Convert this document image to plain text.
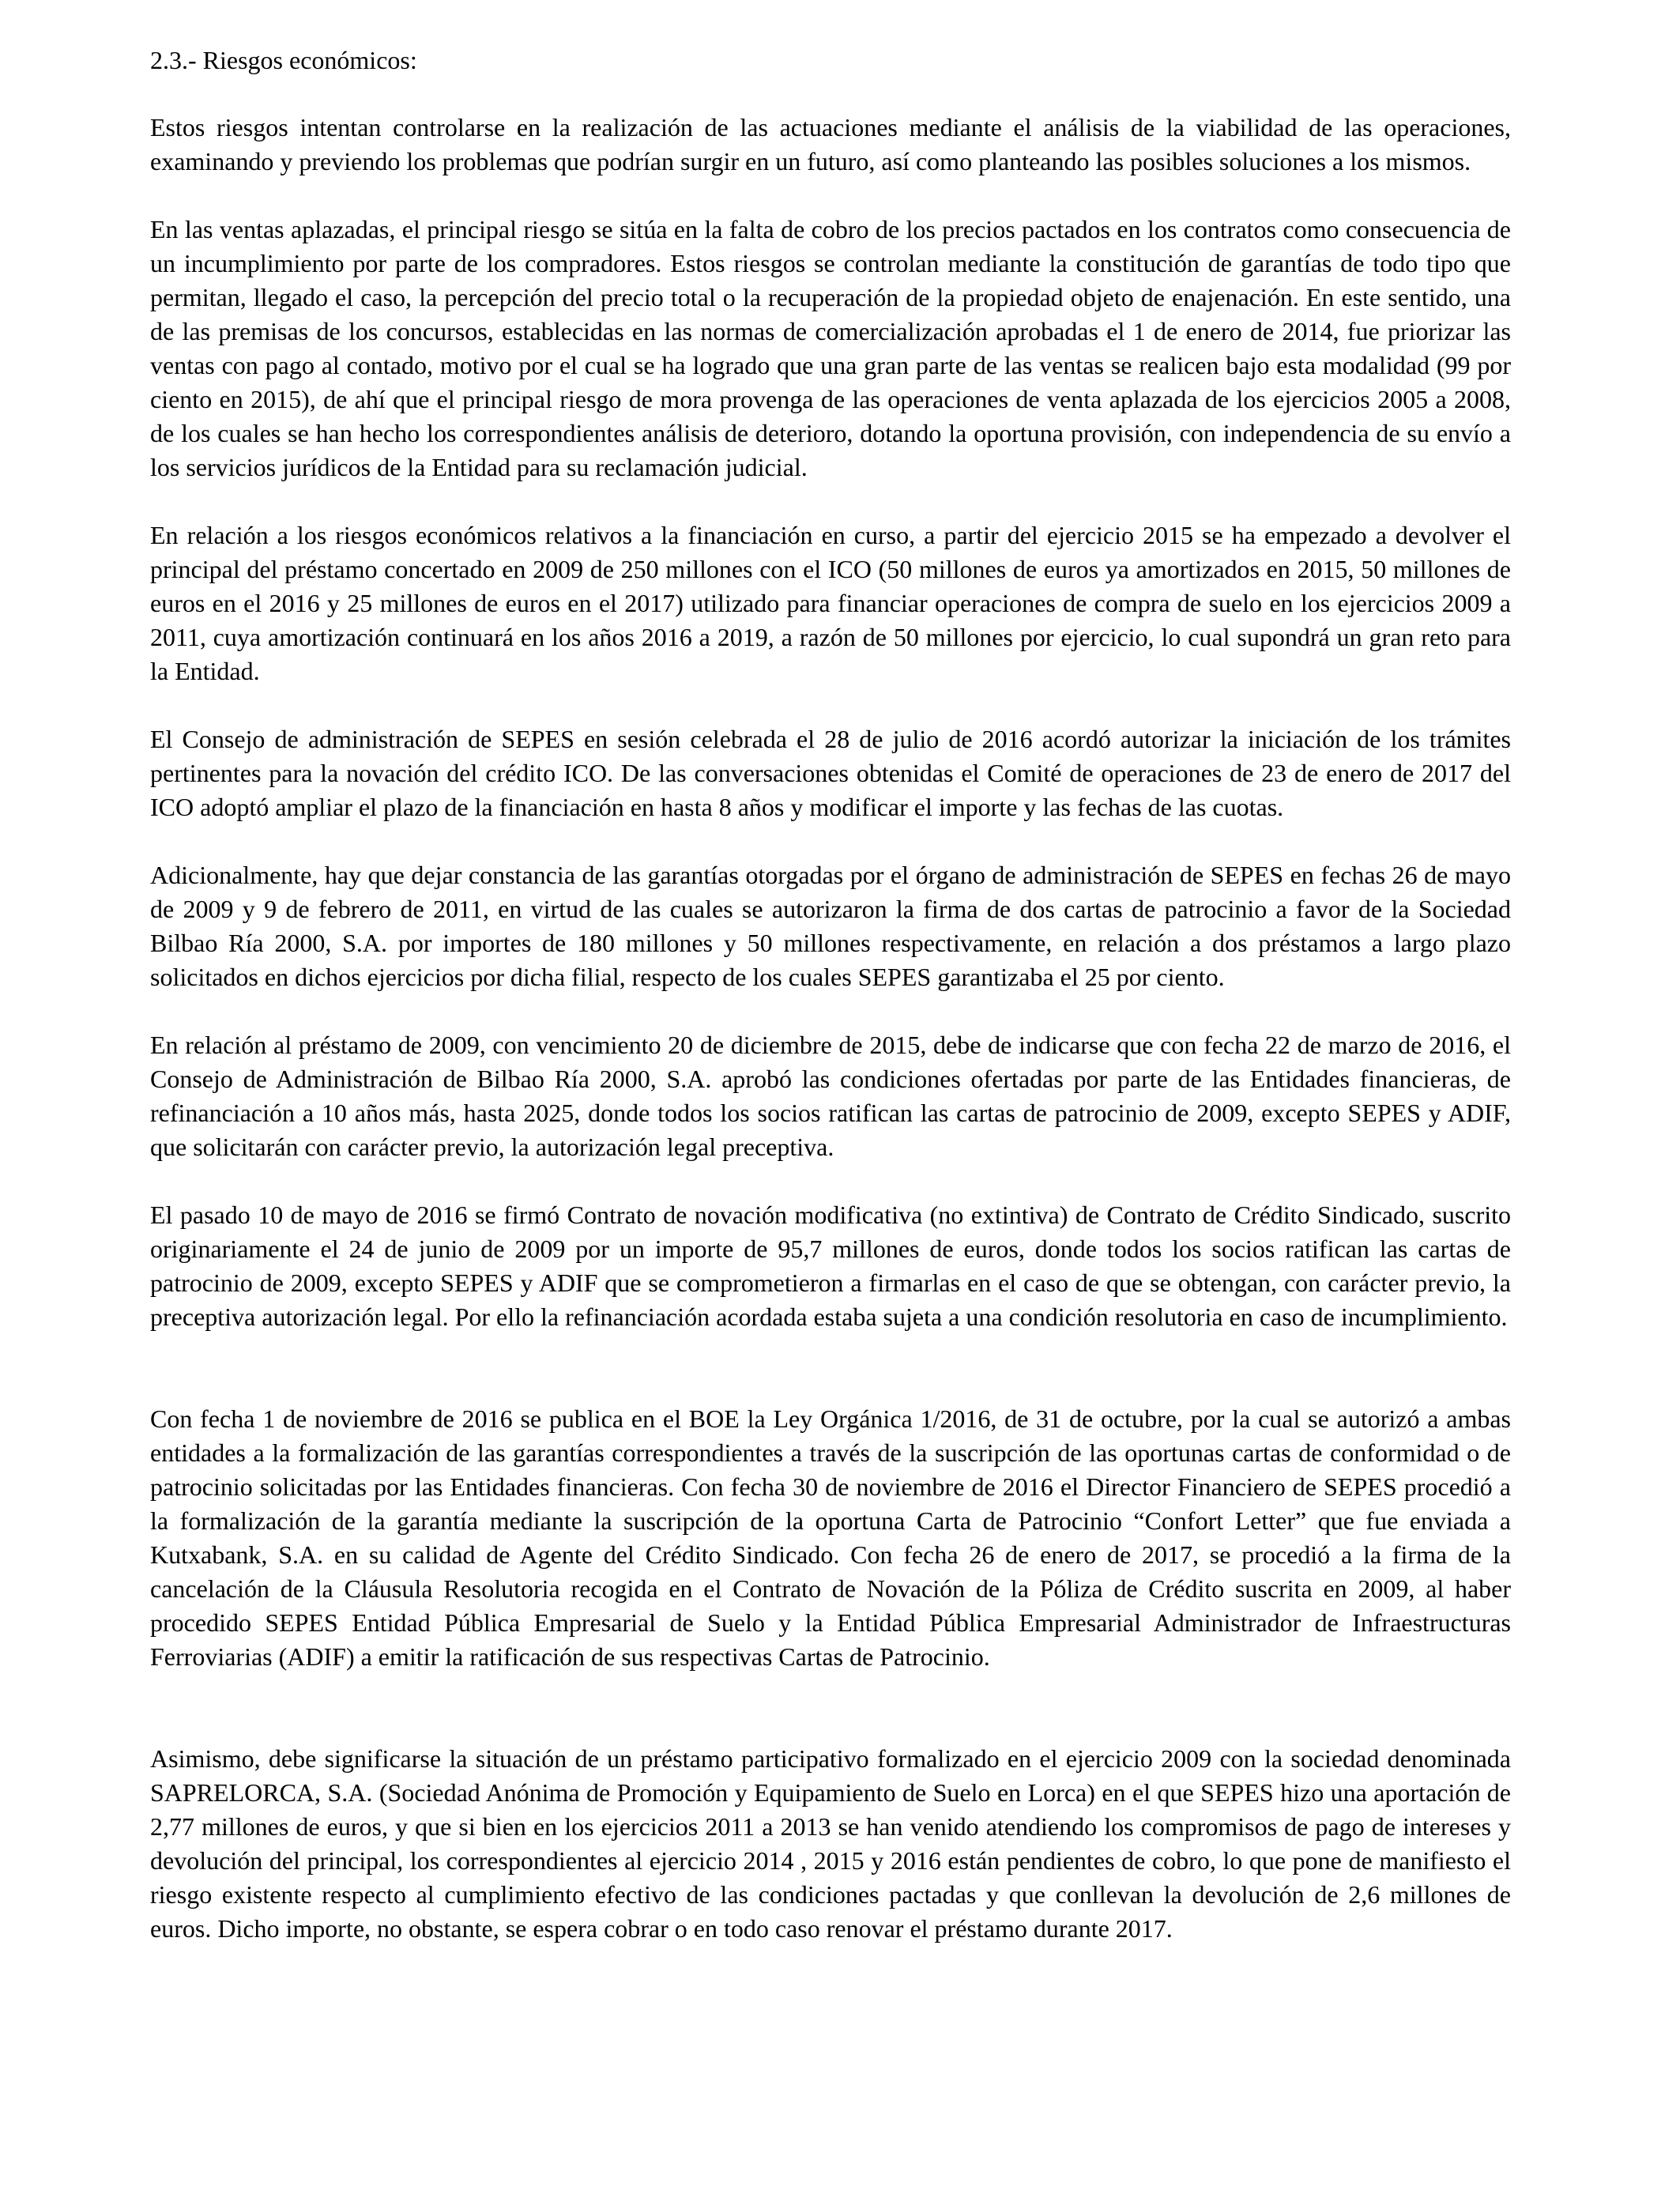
2.3.- Riesgos económicos:

Estos riesgos intentan controlarse en la realización de las actuaciones mediante el análisis de la viabilidad de las operaciones, examinando y previendo los problemas que podrían surgir en un futuro, así como planteando las posibles soluciones a los mismos.

En las ventas aplazadas, el principal riesgo se sitúa en la falta de cobro de los precios pactados en los contratos como consecuencia de un incumplimiento por parte de los compradores. Estos riesgos se controlan mediante la constitución de garantías de todo tipo que permitan, llegado el caso, la percepción del precio total o la recuperación de la propiedad objeto de enajenación. En este sentido, una de las premisas de los concursos, establecidas en las normas de comercialización aprobadas el 1 de enero de 2014, fue priorizar las ventas con pago al contado, motivo por el cual se ha logrado que una gran parte de las ventas se realicen bajo esta modalidad (99 por ciento en 2015), de ahí que el principal riesgo de mora provenga de las operaciones de venta aplazada de los ejercicios 2005 a 2008, de los cuales se han hecho los correspondientes análisis de deterioro, dotando la oportuna provisión, con independencia de su envío a los servicios jurídicos de la Entidad para su reclamación judicial.

En relación a los riesgos económicos relativos a la financiación en curso, a partir del ejercicio 2015 se ha empezado a devolver el principal del préstamo concertado en 2009 de 250 millones con el ICO (50 millones de euros ya amortizados en 2015, 50 millones de euros en el 2016 y 25 millones de euros en el 2017) utilizado para financiar operaciones de compra de suelo en los ejercicios 2009 a 2011, cuya amortización continuará en los años 2016 a 2019, a razón de 50 millones por ejercicio, lo cual supondrá un gran reto para la Entidad.

El Consejo de administración de SEPES en sesión celebrada el 28 de julio de 2016 acordó autorizar la iniciación de los trámites pertinentes para la novación del crédito ICO. De las conversaciones obtenidas el Comité de operaciones de 23 de enero de 2017 del ICO adoptó ampliar el plazo de la financiación en hasta 8 años y modificar el importe y las fechas de las cuotas.

Adicionalmente, hay que dejar constancia de las garantías otorgadas por el órgano de administración de SEPES en fechas 26 de mayo de 2009 y 9 de febrero de 2011, en virtud de las cuales se autorizaron la firma de dos cartas de patrocinio a favor de la Sociedad Bilbao Ría 2000, S.A. por importes de 180 millones y 50 millones respectivamente, en relación a dos préstamos a largo plazo solicitados en dichos ejercicios por dicha filial, respecto de los cuales SEPES garantizaba el 25 por ciento.

En relación al préstamo de 2009, con vencimiento 20 de diciembre de 2015, debe de indicarse que con fecha 22 de marzo de 2016, el Consejo de Administración de Bilbao Ría 2000, S.A. aprobó las condiciones ofertadas por parte de las Entidades financieras, de refinanciación a 10 años más, hasta 2025, donde todos los socios ratifican las cartas de patrocinio de 2009, excepto SEPES y ADIF, que solicitarán con carácter previo, la autorización legal preceptiva.

El pasado 10 de mayo de 2016 se firmó Contrato de novación modificativa (no extintiva) de Contrato de Crédito Sindicado, suscrito originariamente el 24 de junio de 2009 por un importe de 95,7 millones de euros, donde todos los socios ratifican las cartas de patrocinio de 2009, excepto SEPES y ADIF que se comprometieron a firmarlas en el caso de que se obtengan, con carácter previo, la preceptiva autorización legal. Por ello la refinanciación acordada estaba sujeta a una condición resolutoria en caso de incumplimiento.

Con fecha 1 de noviembre de 2016 se publica en el BOE la Ley Orgánica 1/2016, de 31 de octubre, por la cual se autorizó a ambas entidades a la formalización de las garantías correspondientes a través de la suscripción de las oportunas cartas de conformidad o de patrocinio solicitadas por las Entidades financieras. Con fecha 30 de noviembre de 2016 el Director Financiero de SEPES procedió a la formalización de la garantía mediante la suscripción de la oportuna Carta de Patrocinio “Confort Letter” que fue enviada a Kutxabank, S.A. en su calidad de Agente del Crédito Sindicado. Con fecha 26 de enero de 2017, se procedió a la firma de la cancelación de la Cláusula Resolutoria recogida en el Contrato de Novación de la Póliza de Crédito suscrita en 2009, al haber procedido SEPES Entidad Pública Empresarial de Suelo y la Entidad Pública Empresarial Administrador de Infraestructuras Ferroviarias (ADIF) a emitir la ratificación de sus respectivas Cartas de Patrocinio.

Asimismo, debe significarse la situación de un préstamo participativo formalizado en el ejercicio 2009 con la sociedad denominada SAPRELORCA, S.A. (Sociedad Anónima de Promoción y Equipamiento de Suelo en Lorca) en el que SEPES hizo una aportación de 2,77 millones de euros, y que si bien en los ejercicios 2011 a 2013 se han venido atendiendo los compromisos de pago de intereses y devolución del principal, los correspondientes al ejercicio 2014 , 2015 y 2016 están pendientes de cobro, lo que pone de manifiesto el riesgo existente respecto al cumplimiento efectivo de las condiciones pactadas y que conllevan la devolución de 2,6 millones de euros. Dicho importe, no obstante, se espera cobrar o en todo caso renovar el préstamo durante 2017.
